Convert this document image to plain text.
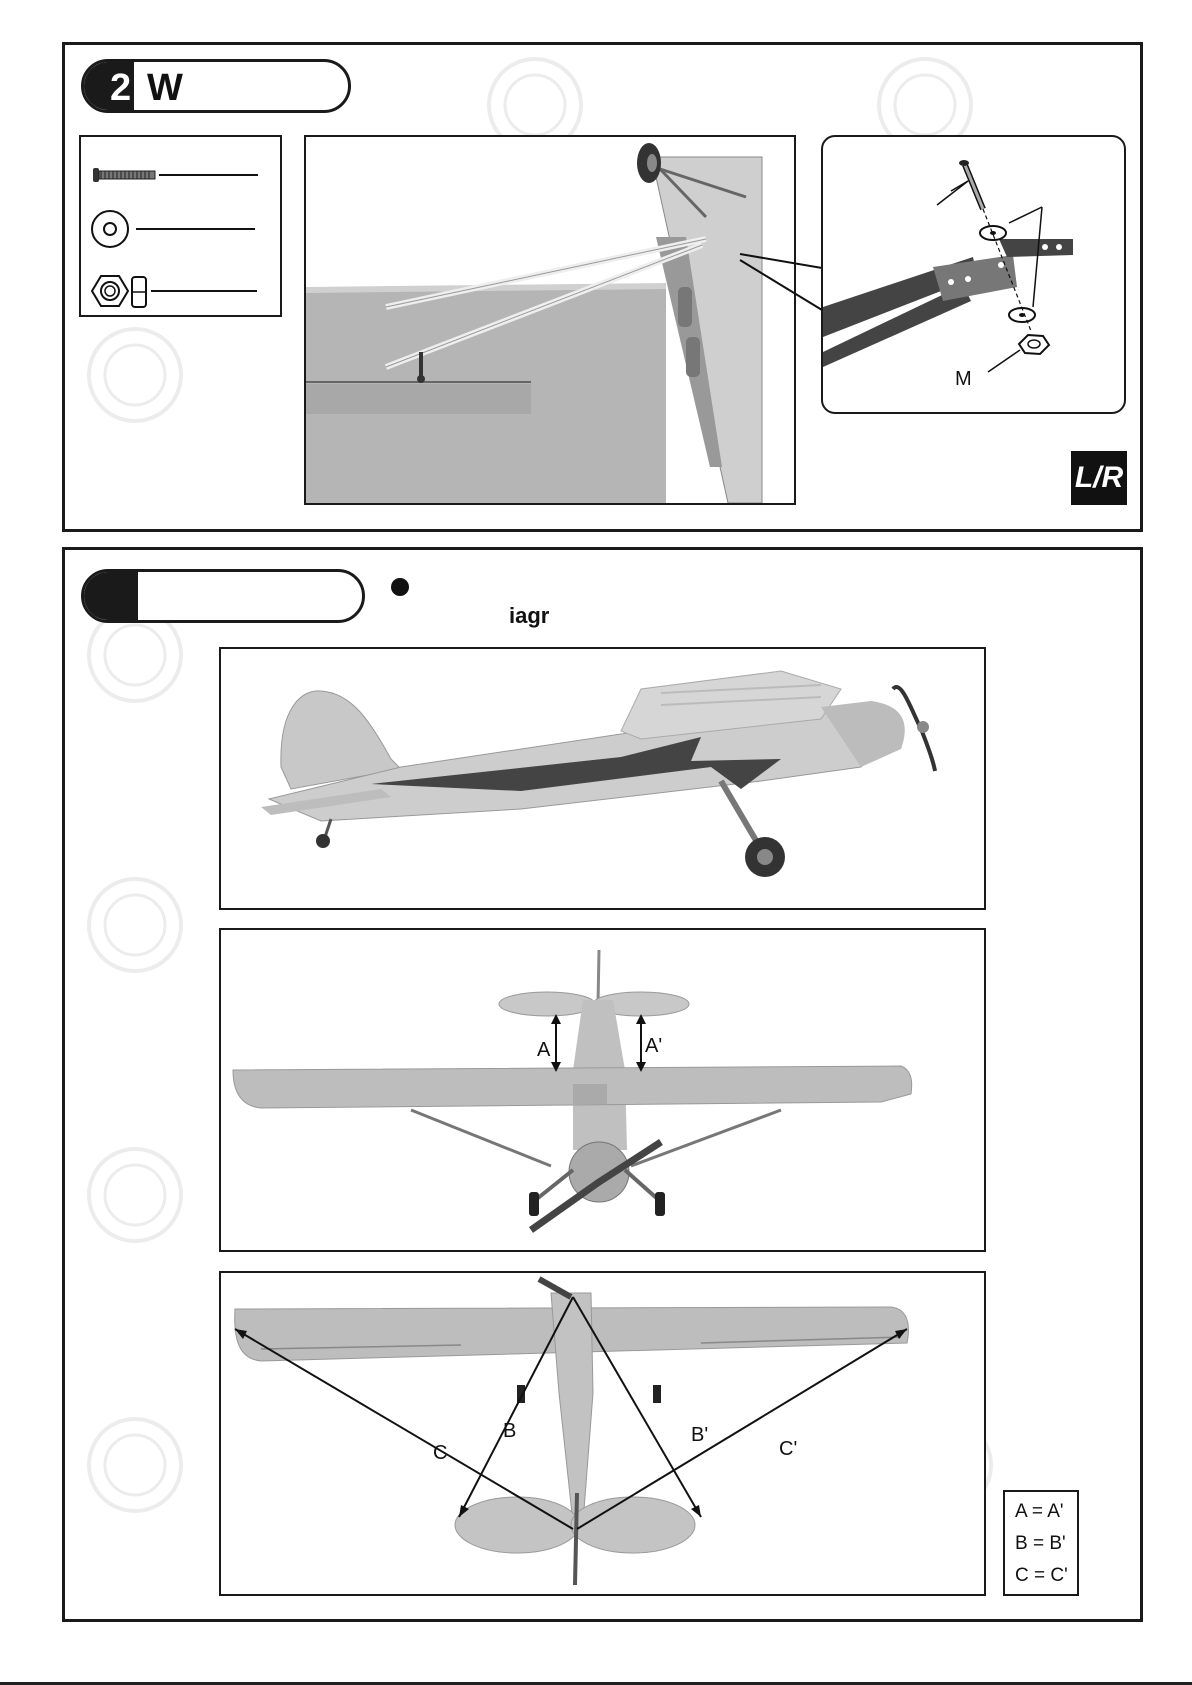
2 W
M
L/R
iagr
A	A'
B	B'
C	C'
A = A'
B = B'
C = C'
